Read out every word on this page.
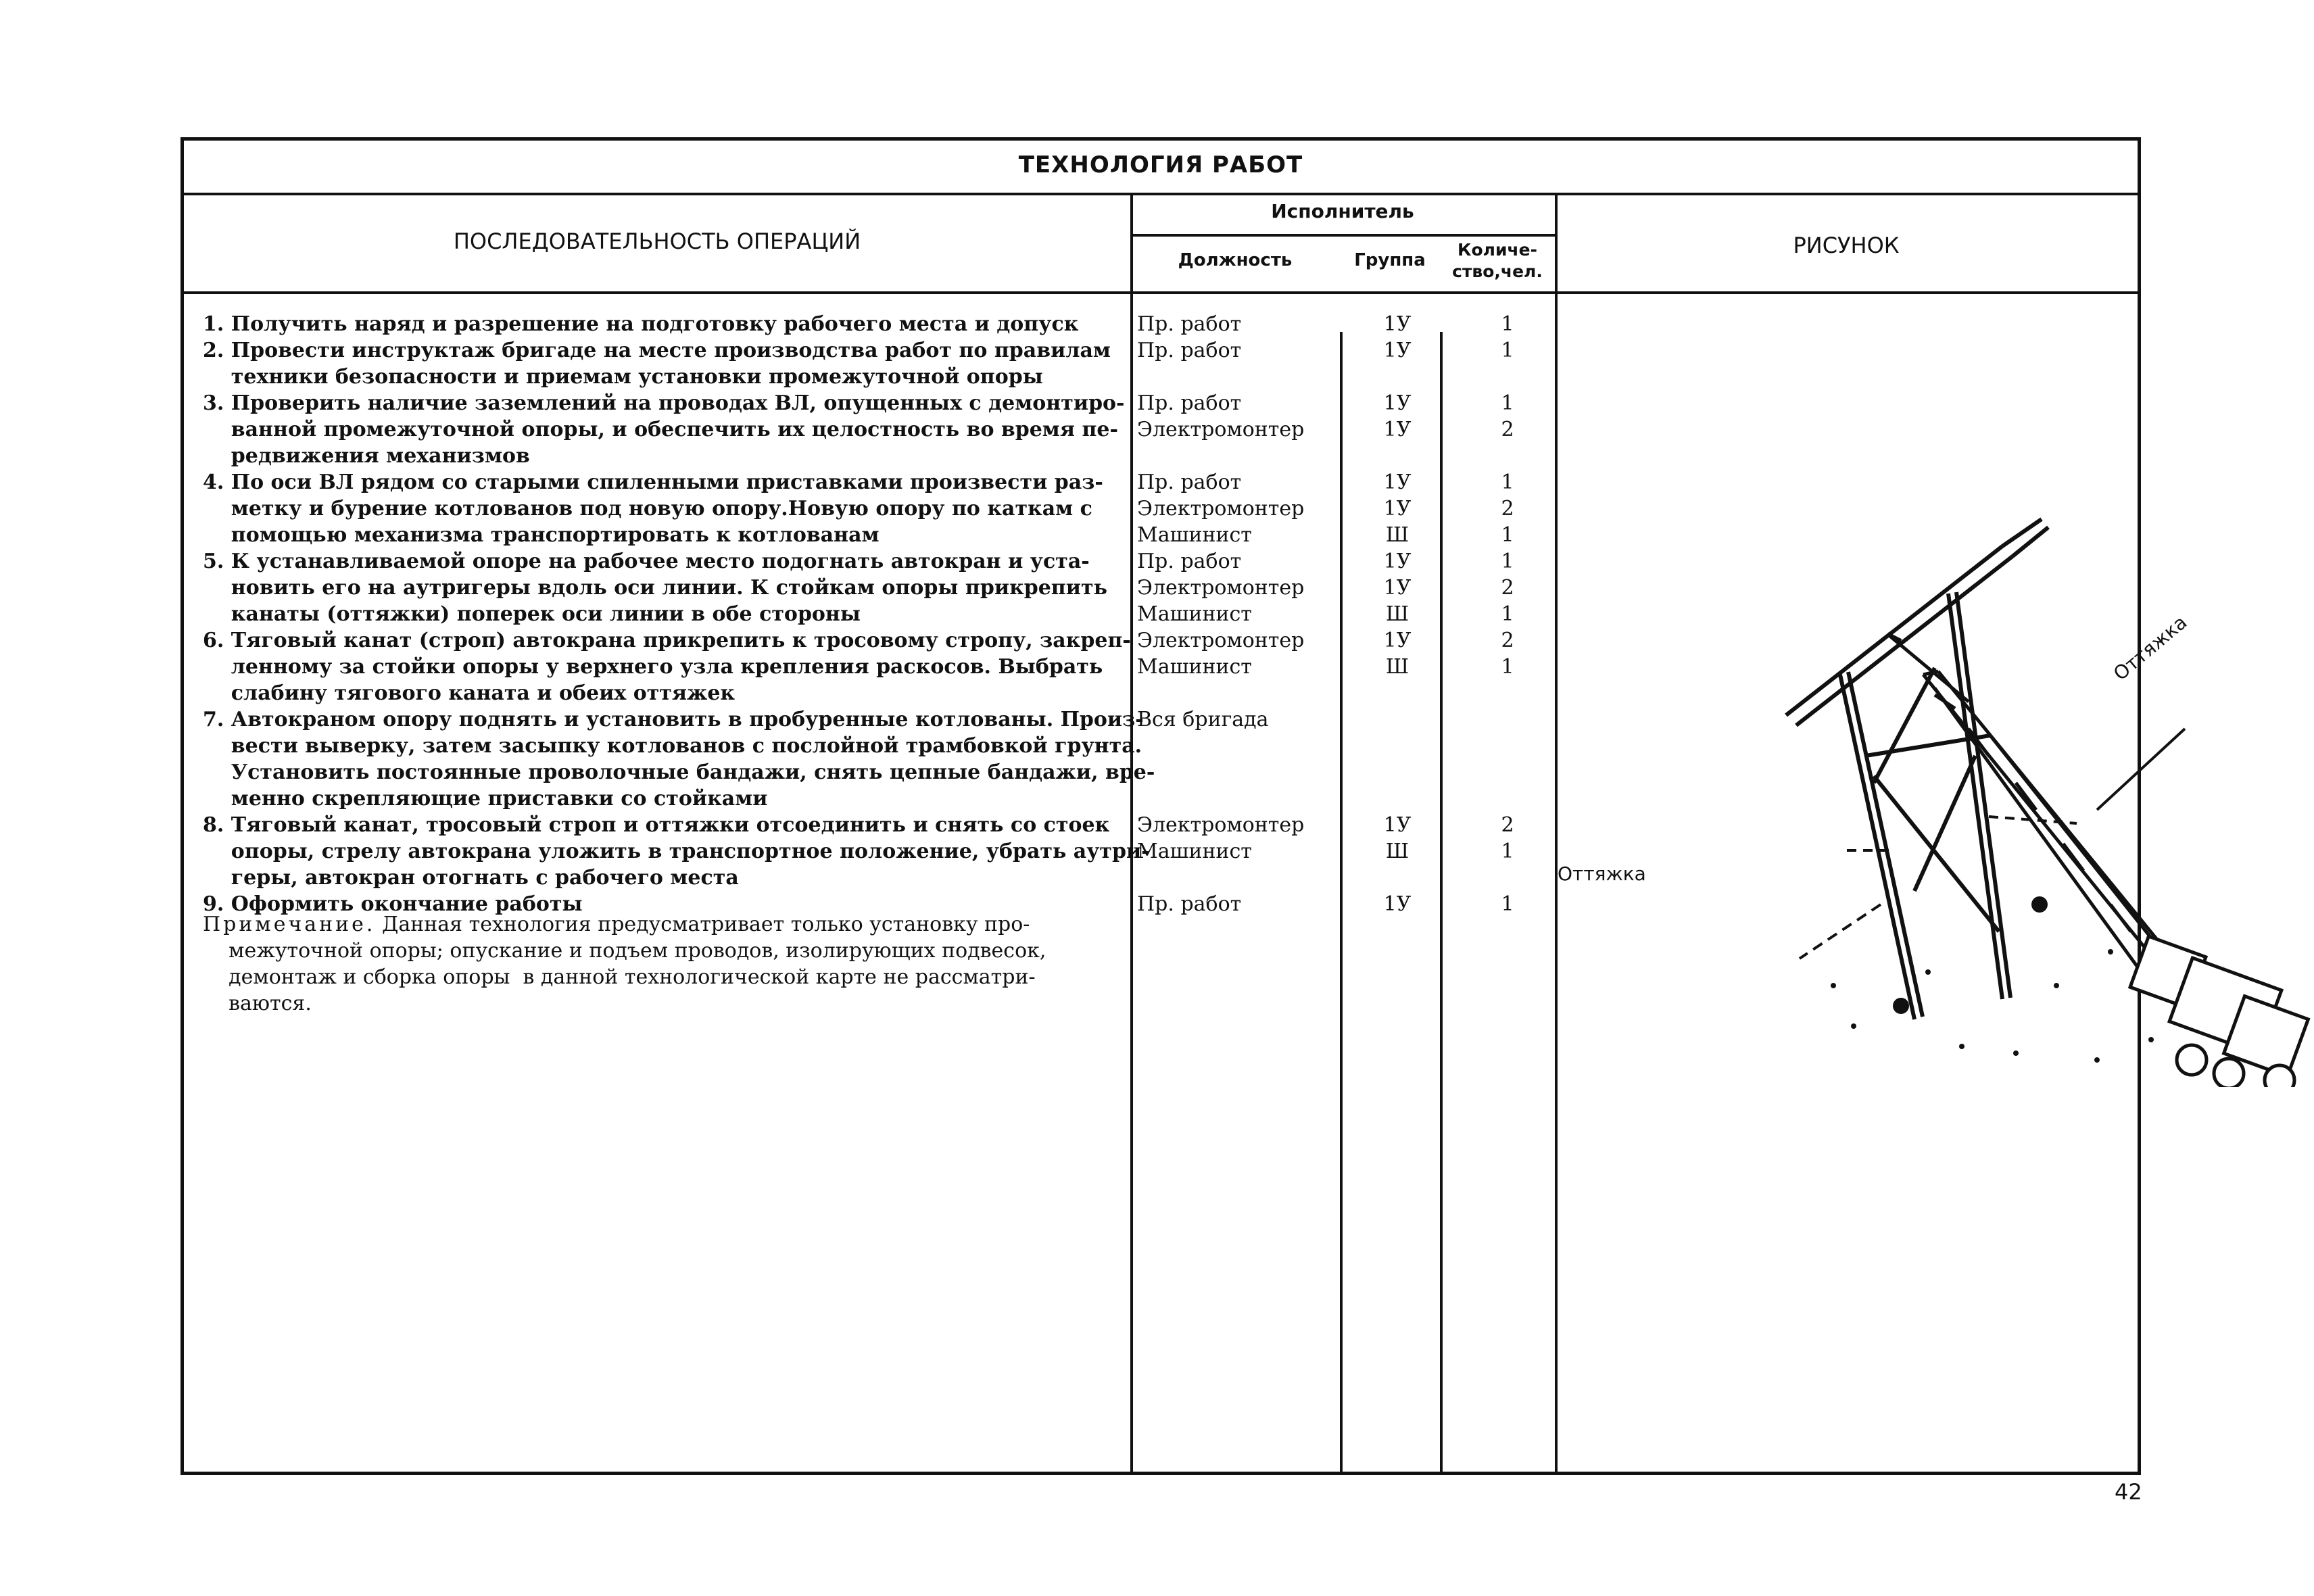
ТЕХНОЛОГИЯ РАБОТ
ПОСЛЕДОВАТЕЛЬНОСТЬ ОПЕРАЦИЙ
Исполнитель
Должность	Группа
Количе-
ство,чел.
РИСУНОК
1. Получить наряд и разрешение на подготовку рабочего места и допуск
2. Провести инструктаж бригаде на месте производства работ по правилам
техники безопасности и приемам установки промежуточной опоры
3. Проверить наличие заземлений на проводах ВЛ, опущенных с демонтиро-
ванной промежуточной опоры, и обеспечить их целостность во время пе-
редвижения механизмов
4. По оси ВЛ рядом со старыми спиленными приставками произвести раз-
метку и бурение котлованов под новую опору.Новую опору по каткам с
помощью механизма транспортировать к котлованам
5. К устанавливаемой опоре на рабочее место подогнать автокран и уста-
новить его на аутригеры вдоль оси линии. К стойкам опоры прикрепить
канаты (оттяжки) поперек оси линии в обе стороны
6. Тяговый канат (строп) автокрана прикрепить к тросовому стропу, закреп-
ленному за стойки опоры у верхнего узла крепления раскосов. Выбрать
слабину тягового каната и обеих оттяжек
7. Автокраном опору поднять и установить в пробуренные котлованы. Произ-
вести выверку, затем засыпку котлованов с послойной трамбовкой грунта.
Установить постоянные проволочные бандажи, снять цепные бандажи, вре-
менно скрепляющие приставки со стойками
8. Тяговый канат, тросовый строп и оттяжки отсоединить и снять со стоек
опоры, стрелу автокрана уложить в транспортное положение, убрать аутри-
геры, автокран отогнать с рабочего места
9. Оформить окончание работы
Примечание. Данная технология предусматривает только установку про-
межуточной опоры; опускание и подъем проводов, изолирующих подвесок,
демонтаж и сборка опоры  в данной технологической карте не рассматри-
ваются.
Пр. работ
Пр. работ

Пр. работ
Электромонтер

Пр. работ
Электромонтер
Машинист
Пр. работ
Электромонтер
Машинист
Электромонтер
Машинист

Вся бригада

Электромонтер
Машинист

Пр. работ
1У
1У

1У
1У

1У
1У
Ш
1У
1У
Ш
1У
Ш

1У
Ш

1У
1
1

1
2

1
2
1
1
2
1
2
1

2
1

1
Оттяжка
Оттяжка
42
